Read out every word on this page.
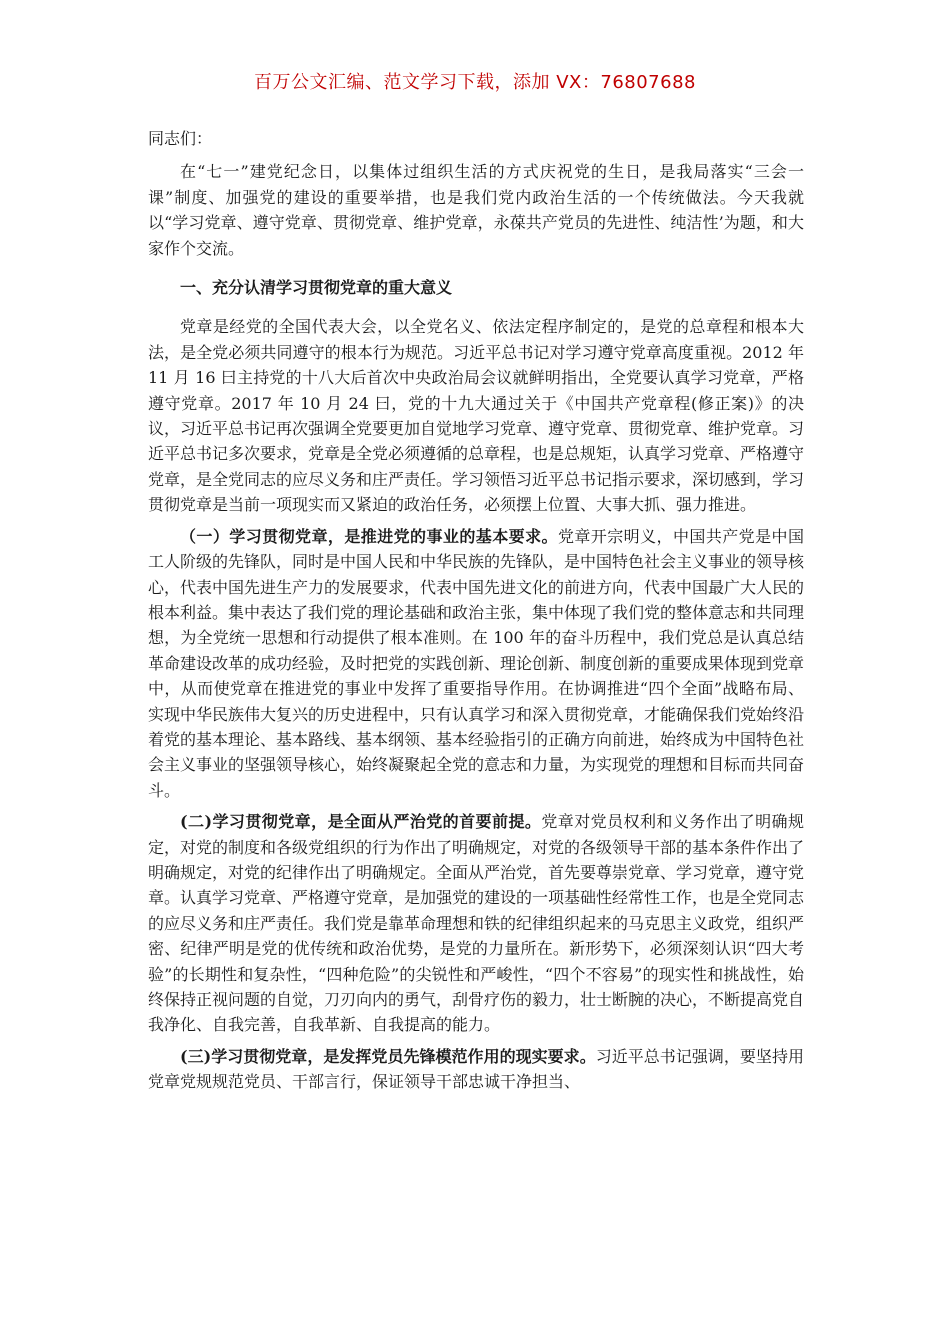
百万公文汇编、范文学习下载，添加 VX：76807688

同志们：

在“七一”建党纪念日，以集体过组织生活的方式庆祝党的生日，是我局落实“三会一课”制度、加强党的建设的重要举措，也是我们党内政治生活的一个传统做法。今天我就以“学习党章、遵守党章、贯彻党章、维护党章，永葆共产党员的先进性、纯洁性’为题，和大家作个交流。

一、充分认清学习贯彻党章的重大意义

党章是经党的全国代表大会，以全党名义、依法定程序制定的，是党的总章程和根本大法，是全党必须共同遵守的根本行为规范。习近平总书记对学习遵守党章高度重视。2012 年 11 月 16 曰主持党的十八大后首次中央政治局会议就鲜明指出，全党要认真学习党章，严格遵守党章。2017 年 10 月 24 曰，党的十九大通过关于《中国共产党章程(修正案)》的决议，习近平总书记再次强调全党要更加自觉地学习党章、遵守党章、贯彻党章、维护党章。习近平总书记多次要求，党章是全党必须遵循的总章程，也是总规矩，认真学习党章、严格遵守党章，是全党同志的应尽义务和庄严责任。学习领悟习近平总书记指示要求，深切感到，学习贯彻党章是当前一项现实而又紧迫的政治任务，必须摆上位置、大事大抓、强力推进。

（一）学习贯彻党章，是推进党的事业的基本要求。党章开宗明义，中国共产党是中国工人阶级的先锋队，同时是中国人民和中华民族的先锋队，是中国特色社会主义事业的领导核心，代表中国先进生产力的发展要求，代表中国先进文化的前进方向，代表中国最广大人民的根本利益。集中表达了我们党的理论基础和政治主张，集中体现了我们党的整体意志和共同理想，为全党统一思想和行动提供了根本准则。在 100 年的奋斗历程中，我们党总是认真总结革命建设改革的成功经验，及时把党的实践创新、理论创新、制度创新的重要成果体现到党章中，从而使党章在推进党的事业中发挥了重要指导作用。在协调推进“四个全面”战略布局、实现中华民族伟大复兴的历史进程中，只有认真学习和深入贯彻党章，才能确保我们党始终沿着党的基本理论、基本路线、基本纲领、基本经验指引的正确方向前进，始终成为中国特色社会主义事业的坚强领导核心，始终凝聚起全党的意志和力量，为实现党的理想和目标而共同奋斗。

(二)学习贯彻党章，是全面从严治党的首要前提。党章对党员权利和义务作出了明确规定，对党的制度和各级党组织的行为作出了明确规定，对党的各级领导干部的基本条件作出了明确规定，对党的纪律作出了明确规定。全面从严治党，首先要尊崇党章、学习党章，遵守党章。认真学习党章、严格遵守党章，是加强党的建设的一项基础性经常性工作，也是全党同志的应尽义务和庄严责任。我们党是靠革命理想和铁的纪律组织起来的马克思主义政党，组织严密、纪律严明是党的优传统和政治优势，是党的力量所在。新形势下，必须深刻认识“四大考验”的长期性和复杂性，“四种危险”的尖锐性和严峻性，“四个不容易”的现实性和挑战性，始终保持正视问题的自觉，刀刃向内的勇气，刮骨疗伤的毅力，壮士断腕的决心，不断提高党自我净化、自我完善，自我革新、自我提高的能力。

(三)学习贯彻党章，是发挥党员先锋模范作用的现实要求。习近平总书记强调，要坚持用党章党规规范党员、干部言行，保证领导干部忠诚干净担当、
